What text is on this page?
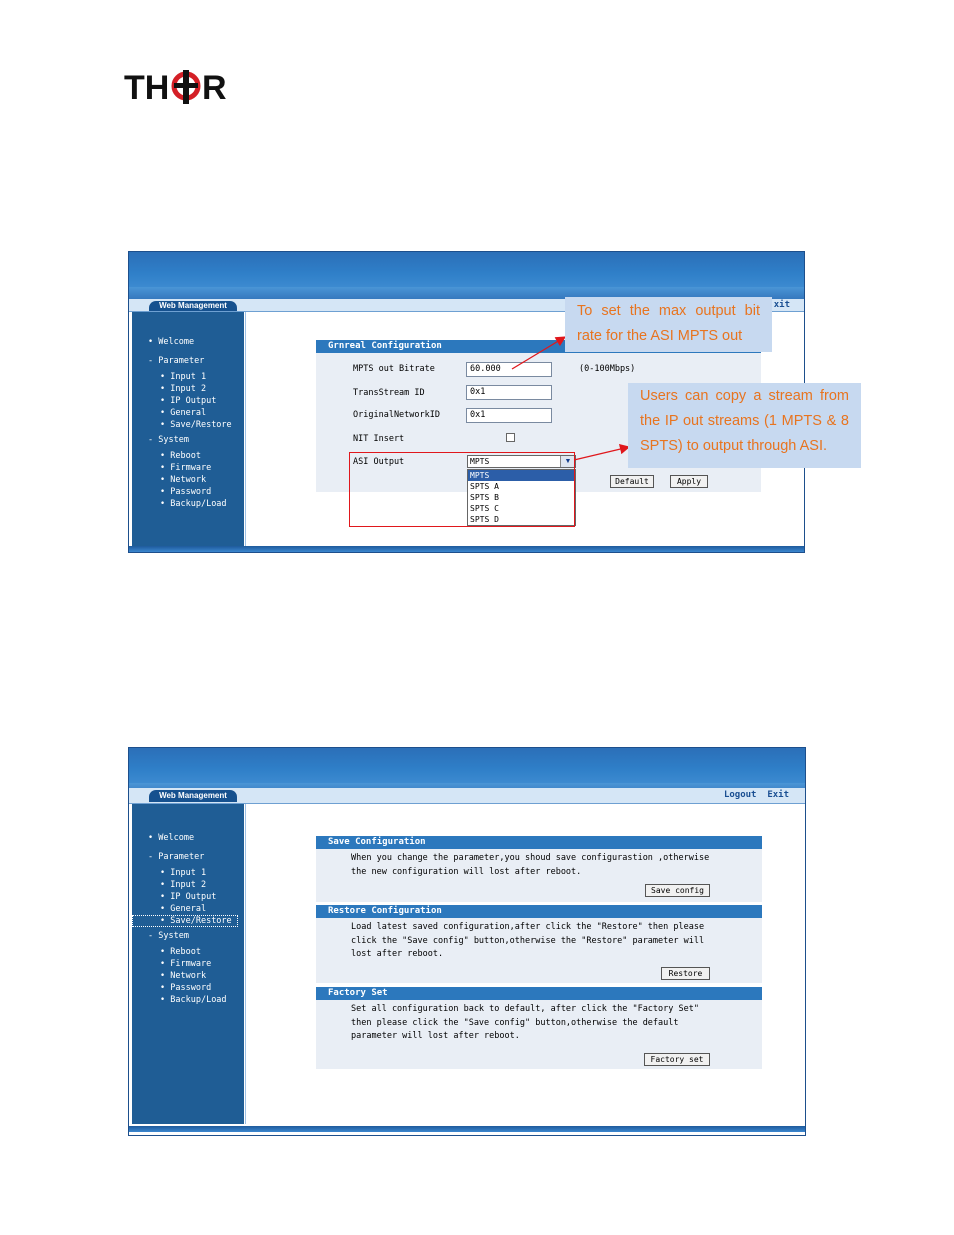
TH R
Web Management	xit
• Welcome
- Parameter
• Input 1
• Input 2
• IP Output
• General
• Save/Restore
- System
• Reboot
• Firmware
• Network
• Password
• Backup/Load
Grnreal Configuration
MPTS out Bitrate	60.000	(0-100Mbps)
TransStream ID	0x1
OriginalNetworkID	0x1
NIT Insert
ASI Output	MPTS	▼
MPTS
SPTS A
SPTS B
SPTS C
SPTS D
Default	Apply
To set the max output bit rate for the ASI MPTS out
Users can copy a stream from the IP out streams (1 MPTS & 8 SPTS) to output through ASI.
Web Management	Logout Exit
• Welcome
- Parameter
• Input 1
• Input 2
• IP Output
• General
• Save/Restore
- System
• Reboot
• Firmware
• Network
• Password
• Backup/Load
Save Configuration
When you change the parameter,you shoud save configurastion ,otherwise
the new configuration will lost after reboot.
Save config
Restore Configuration
Load latest saved configuration,after click the "Restore" then please
click the "Save config" button,otherwise the "Restore" parameter will
lost after reboot.
Restore
Factory Set
Set all configuration back to default, after click the "Factory Set"
then please click the "Save config" button,otherwise the default
parameter will lost after reboot.
Factory set
